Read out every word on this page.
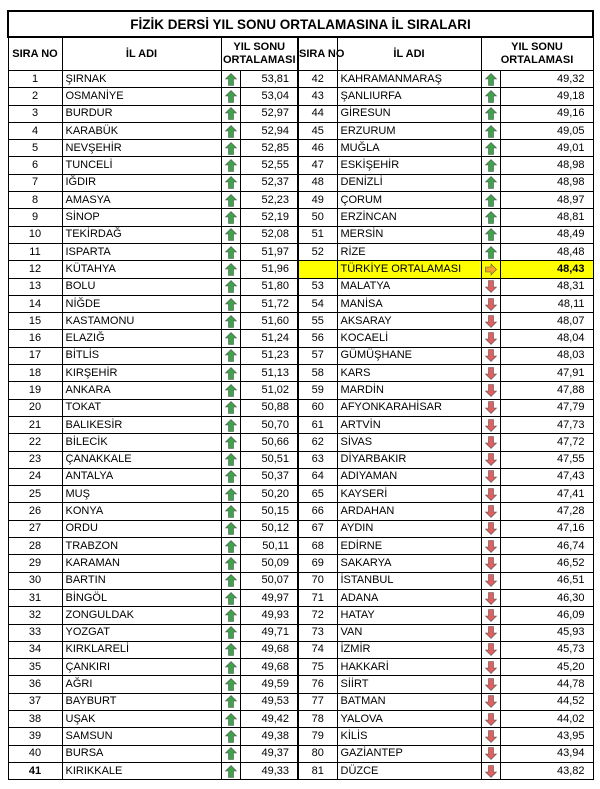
FİZİK DERSİ YIL SONU ORTALAMASINA İL SIRALARI							
SIRA NO	İL ADI	YIL SONU
ORTALAMASI		SIRA NO	İL ADI	YIL SONU
ORTALAMASI	
1	ŞIRNAK		53,81	42	KAHRAMANMARAŞ		49,32
2	OSMANİYE		53,04	43	ŞANLIURFA		49,18
3	BURDUR		52,97	44	GİRESUN		49,16
4	KARABÜK		52,94	45	ERZURUM		49,05
5	NEVŞEHİR		52,85	46	MUĞLA		49,01
6	TUNCELİ		52,55	47	ESKİŞEHİR		48,98
7	IĞDIR		52,37	48	DENİZLİ		48,98
8	AMASYA		52,23	49	ÇORUM		48,97
9	SİNOP		52,19	50	ERZİNCAN		48,81
10	TEKİRDAĞ		52,08	51	MERSİN		48,49
11	ISPARTA		51,97	52	RİZE		48,48
12	KÜTAHYA		51,96		TÜRKİYE ORTALAMASI		48,43
13	BOLU		51,80	53	MALATYA		48,31
14	NİĞDE		51,72	54	MANİSA		48,11
15	KASTAMONU		51,60	55	AKSARAY		48,07
16	ELAZIĞ		51,24	56	KOCAELİ		48,04
17	BİTLİS		51,23	57	GÜMÜŞHANE		48,03
18	KIRŞEHİR		51,13	58	KARS		47,91
19	ANKARA		51,02	59	MARDİN		47,88
20	TOKAT		50,88	60	AFYONKARAHİSAR		47,79
21	BALIKESİR		50,70	61	ARTVİN		47,73
22	BİLECİK		50,66	62	SİVAS		47,72
23	ÇANAKKALE		50,51	63	DİYARBAKIR		47,55
24	ANTALYA		50,37	64	ADIYAMAN		47,43
25	MUŞ		50,20	65	KAYSERİ		47,41
26	KONYA		50,15	66	ARDAHAN		47,28
27	ORDU		50,12	67	AYDIN		47,16
28	TRABZON		50,11	68	EDİRNE		46,74
29	KARAMAN		50,09	69	SAKARYA		46,52
30	BARTIN		50,07	70	İSTANBUL		46,51
31	BİNGÖL		49,97	71	ADANA		46,30
32	ZONGULDAK		49,93	72	HATAY		46,09
33	YOZGAT		49,71	73	VAN		45,93
34	KIRKLARELİ		49,68	74	İZMİR		45,73
35	ÇANKIRI		49,68	75	HAKKARİ		45,20
36	AĞRI		49,59	76	SİİRT		44,78
37	BAYBURT		49,53	77	BATMAN		44,52
38	UŞAK		49,42	78	YALOVA		44,02
39	SAMSUN		49,38	79	KİLİS		43,95
40	BURSA		49,37	80	GAZİANTEP		43,94
41	KIRIKKALE		49,33	81	DÜZCE		43,82
